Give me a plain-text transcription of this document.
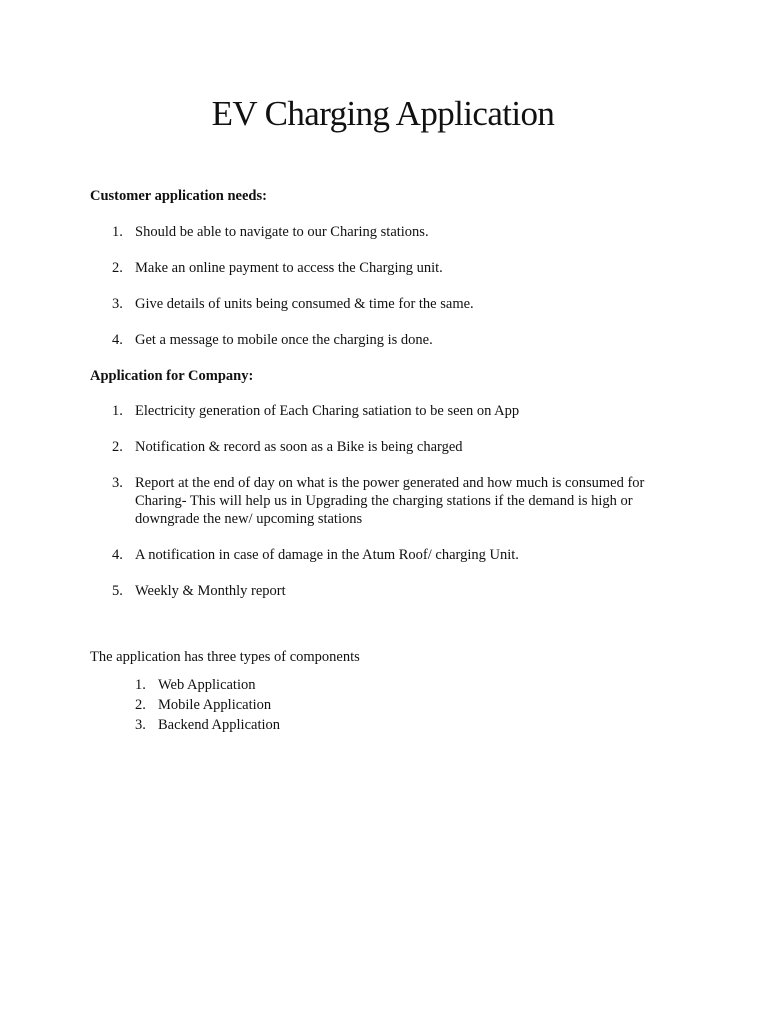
EV Charging Application

Customer application needs:

1. Should be able to navigate to our Charing stations.
2. Make an online payment to access the Charging unit.
3. Give details of units being consumed & time for the same.
4. Get a message to mobile once the charging is done.

Application for Company:

1. Electricity generation of Each Charing satiation to be seen on App
2. Notification & record as soon as a Bike is being charged
3. Report at the end of day on what is the power generated and how much is consumed for Charing- This will help us in Upgrading the charging stations if the demand is high or downgrade the new/ upcoming stations
4. A notification in case of damage in the Atum Roof/ charging Unit.
5. Weekly & Monthly report

The application has three types of components

1. Web Application
2. Mobile Application
3. Backend Application
